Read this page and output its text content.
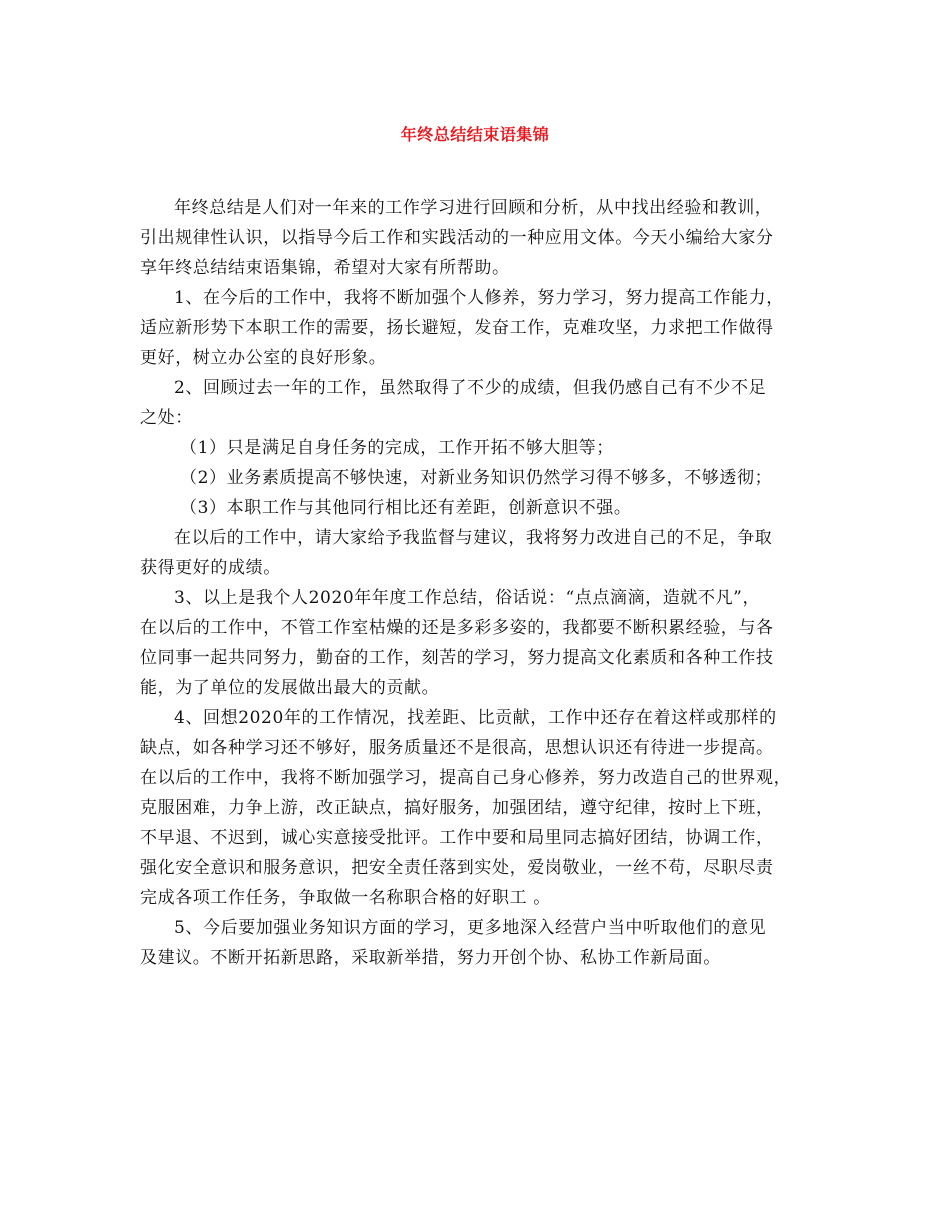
年终总结结束语集锦
年终总结是人们对一年来的工作学习进行回顾和分析，从中找出经验和教训，
引出规律性认识，以指导今后工作和实践活动的一种应用文体。今天小编给大家分
享年终总结结束语集锦，希望对大家有所帮助。
1、在今后的工作中，我将不断加强个人修养，努力学习，努力提高工作能力，
适应新形势下本职工作的需要，扬长避短，发奋工作，克难攻坚，力求把工作做得
更好，树立办公室的良好形象。
2、回顾过去一年的工作，虽然取得了不少的成绩，但我仍感自己有不少不足
之处：
（1）只是满足自身任务的完成，工作开拓不够大胆等；
（2）业务素质提高不够快速，对新业务知识仍然学习得不够多，不够透彻；
（3）本职工作与其他同行相比还有差距，创新意识不强。
在以后的工作中，请大家给予我监督与建议，我将努力改进自己的不足，争取
获得更好的成绩。
3、以上是我个人2020年年度工作总结，俗话说：“点点滴滴，造就不凡”，
在以后的工作中，不管工作室枯燥的还是多彩多姿的，我都要不断积累经验，与各
位同事一起共同努力，勤奋的工作，刻苦的学习，努力提高文化素质和各种工作技
能，为了单位的发展做出最大的贡献。
4、回想2020年的工作情况，找差距、比贡献，工作中还存在着这样或那样的
缺点，如各种学习还不够好，服务质量还不是很高，思想认识还有待进一步提高。
在以后的工作中，我将不断加强学习，提高自己身心修养，努力改造自己的世界观，
克服困难，力争上游，改正缺点，搞好服务，加强团结，遵守纪律，按时上下班，
不早退、不迟到，诚心实意接受批评。工作中要和局里同志搞好团结，协调工作，
强化安全意识和服务意识，把安全责任落到实处，爱岗敬业，一丝不苟，尽职尽责
完成各项工作任务，争取做一名称职合格的好职工 。
5、今后要加强业务知识方面的学习，更多地深入经营户当中听取他们的意见
及建议。不断开拓新思路，采取新举措，努力开创个协、私协工作新局面。
